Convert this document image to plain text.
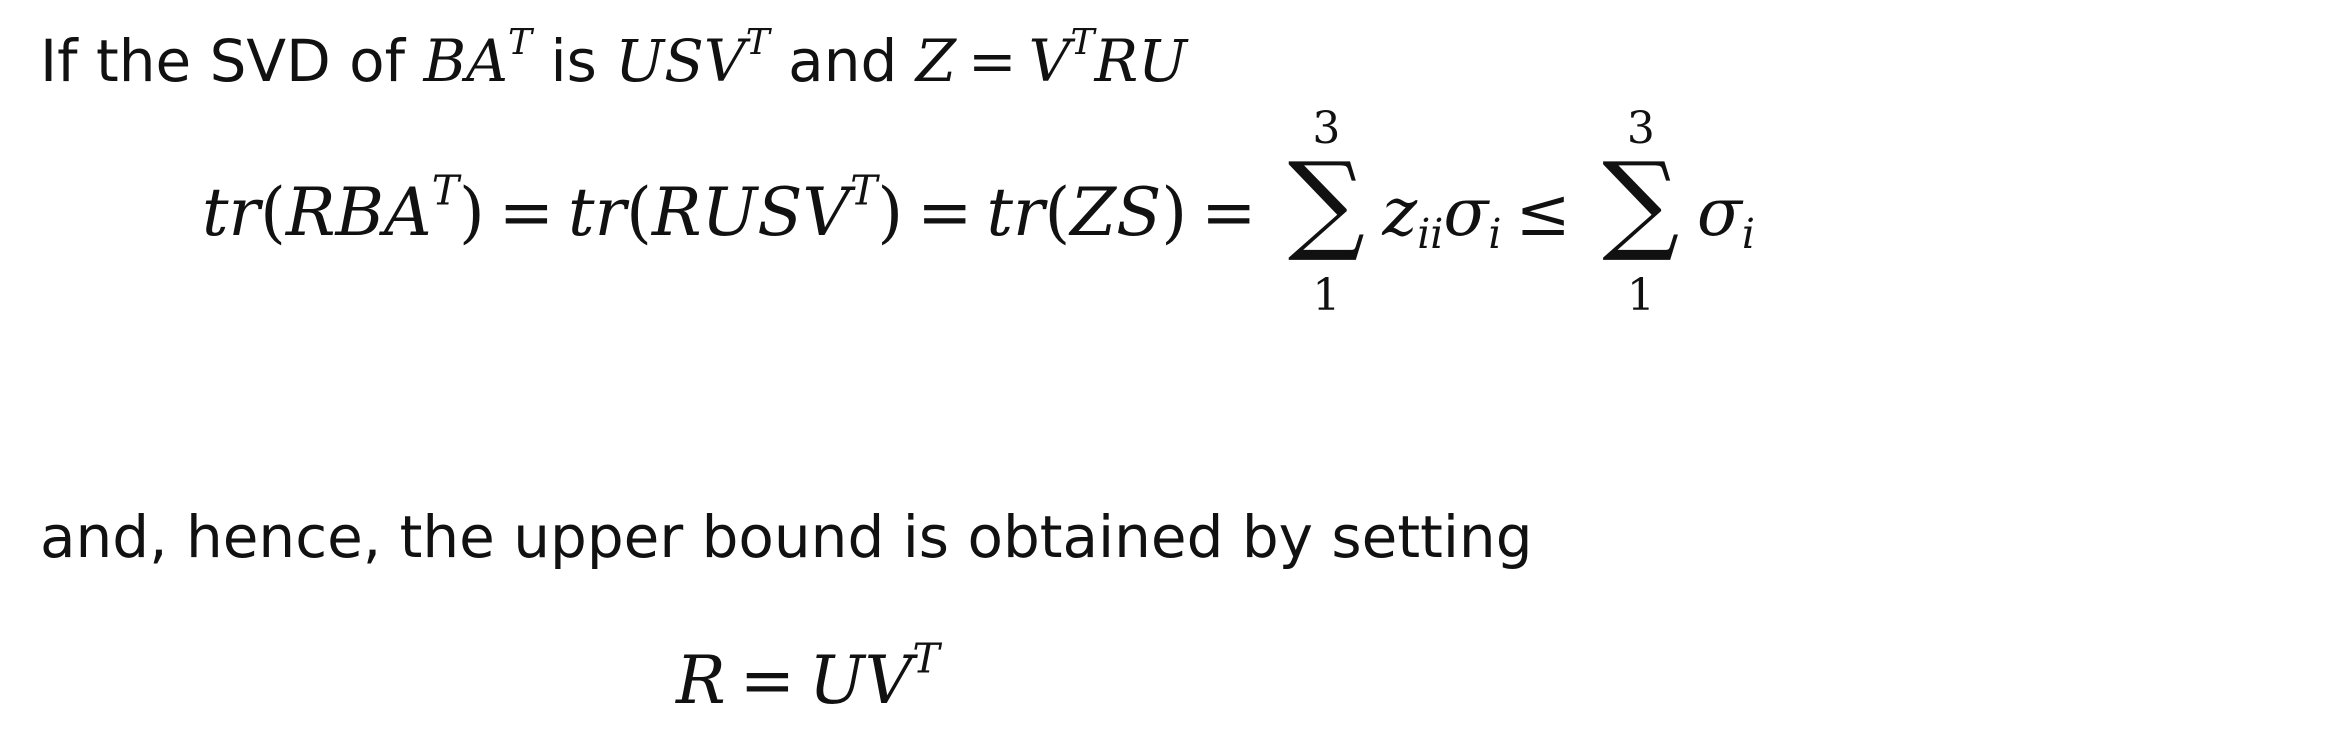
If the SVD of $BA^T$ is $USV^T$ and $Z = V^TRU$
$tr(RBA^T)$ = $tr(RUSV^T) = tr(ZS)$ =
3
∑
1
$z_{ii}\sigma_i$ ≤
3
∑
1
$\sigma_i$
and, hence, the upper bound is obtained by setting
$R = UV^T$
